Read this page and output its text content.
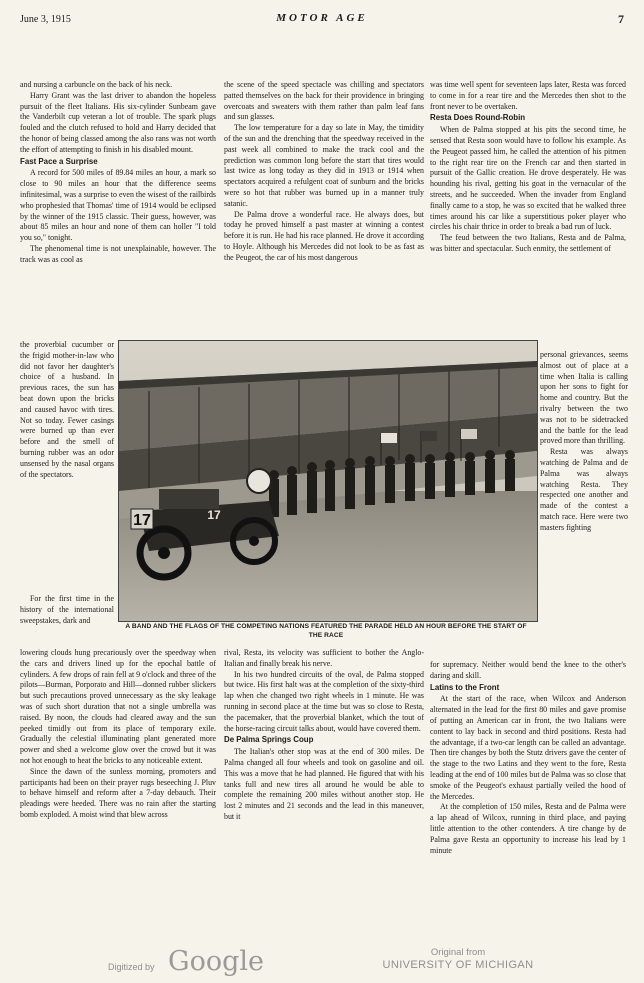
June 3, 1915	MOTOR AGE	7

and nursing a carbuncle on the back of his neck.

Harry Grant was the last driver to abandon the hopeless pursuit of the fleet Italians. His six-cylinder Sunbeam gave the Vanderbilt cup veteran a lot of trouble. The spark plugs fouled and the clutch refused to hold and Harry decided that the honor of being classed among the also rans was not worth the effort of attempting to finish in his disabled mount.

Fast Pace a Surprise

A record for 500 miles of 89.84 miles an hour, a mark so close to 90 miles an hour that the difference seems infinitesimal, was a surprise to even the wisest of the railbirds who prophesied that Thomas' time of 1914 would be eclipsed by the winner of the 1915 classic. Their guess, however, was about 85 miles an hour and none of them can holler "I told you so," tonight.

The phenomenal time is not unexplainable, however. The track was as cool as

the proverbial cucumber or the frigid mother-in-law who did not favor her daughter's choice of a husband. In previous races, the sun has beat down upon the bricks and caused havoc with tires. Not so today. Fewer casings were burned up than ever before and the smell of burning rubber was an odor unsensed by the nasal organs of the spectators.

For the first time in the history of the international sweepstakes, dark and

lowering clouds hung precariously over the speedway when the cars and drivers lined up for the epochal battle of cylinders. A few drops of rain fell at 9 o'clock and three of the pilots—Burman, Porporato and Hill—donned rubber slickers but such precautions proved unnecessary as the sky leakage was of such short duration that not a single umbrella was raised. By noon, the clouds had cleared away and the sun peeked timidly out from its place of temporary exile. Gradually the celestial illuminating plant generated more power and shed a welcome glow over the crowd but it was not hot enough to heat the bricks to any noticeable extent.

Since the dawn of the sunless morning, promoters and participants had been on their prayer rugs beseeching J. Pluv to behave himself and reform after a 7-day debauch. Their pleadings were heeded. There was no rain after the starting bomb exploded. A moist wind that blew across

the scene of the speed spectacle was chilling and spectators patted themselves on the back for their providence in bringing overcoats and sweaters with them rather than palm leaf fans and sun glasses.

The low temperature for a day so late in May, the timidity of the sun and the drenching that the speedway received in the past week all combined to make the track cool and the prediction was common long before the start that tires would last twice as long today as they did in 1913 or 1914 when spectators acquired a refulgent coat of sunburn and the bricks were so hot that rubber was burned up in a manner truly satanic.

De Palma drove a wonderful race. He always does, but today he proved himself a past master at winning a contest before it is run. He had his race planned. He drove it according to Hoyle. Although his Mercedes did not look to be as fast as the Peugeot, the car of his most dangerous

rival, Resta, its velocity was sufficient to bother the Anglo-Italian and finally break his nerve.

In his two hundred circuits of the oval, de Palma stopped but twice. His first halt was at the completion of the sixty-third lap when che changed two right wheels in 1 minute. He was running in second place at the time but was so close to Resta, the pacemaker, that the proverbial blanket, which the tout of the horse-racing circuit talks about, would have covered them.

De Palma Springs Coup

The Italian's other stop was at the end of 300 miles. De Palma changed all four wheels and took on gasoline and oil. This was a move that he had planned. He figured that with his tanks full and new tires all around he would be able to complete the remaining 200 miles without another stop. He lost 2 minutes and 21 seconds and the lead in this maneuver, but it

was time well spent for seventeen laps later, Resta was forced to come in for a rear tire and the Mercedes then shot to the front never to be overtaken.

Resta Does Round-Robin

When de Palma stopped at his pits the second time, he sensed that Resta soon would have to follow his example. As the Peugeot passed him, he called the attention of his pitmen to the right rear tire on the French car and then started in pursuit of the Gallic creation. He drove desperately. He was hounding his rival, getting his goat in the vernacular of the streets, and he succeeded. When the invader from England finally came to a stop, he was so excited that he walked three times around his car like a superstitious poker player who circles his chair thrice in order to break a bad run of luck.

The feud between the two Italians, Resta and de Palma, was bitter and spectacular. Such enmity, the settlement of

personal grievances, seems almost out of place at a time when Italia is calling upon her sons to fight for home and country. But the rivalry between the two was not to be sidetracked and the battle for the lead proved more than thrilling.

Resta was always watching de Palma and de Palma was always watching Resta. They respected one another and made of the contest a match race. Here were two masters fighting

for supremacy. Neither would bend the knee to the other's daring and skill.

Latins to the Front

At the start of the race, when Wilcox and Anderson alternated in the lead for the first 80 miles and gave promise of putting an American car in front, the two Italians were content to lay back in second and third positions. Resta had the advantage, if a two-car length can be called an advantage. Then tire changes by both the Stutz drivers gave the center of the stage to the two Latins and they went to the fore, Resta leading at the end of 100 miles but de Palma was so close that smoke of the Peugeot's exhaust partially veiled the hood of the Mercedes.

At the completion of 150 miles, Resta and de Palma were a lap ahead of Wilcox, running in third place, and paying little attention to the other contenders. A tire change by de Palma gave Resta an opportunity to increase his lead by 1 minute

17	17
A BAND AND THE FLAGS OF THE COMPETING NATIONS FEATURED THE PARADE HELD AN HOUR BEFORE THE START OF THE RACE
Digitized by Google	Original from
UNIVERSITY OF MICHIGAN
